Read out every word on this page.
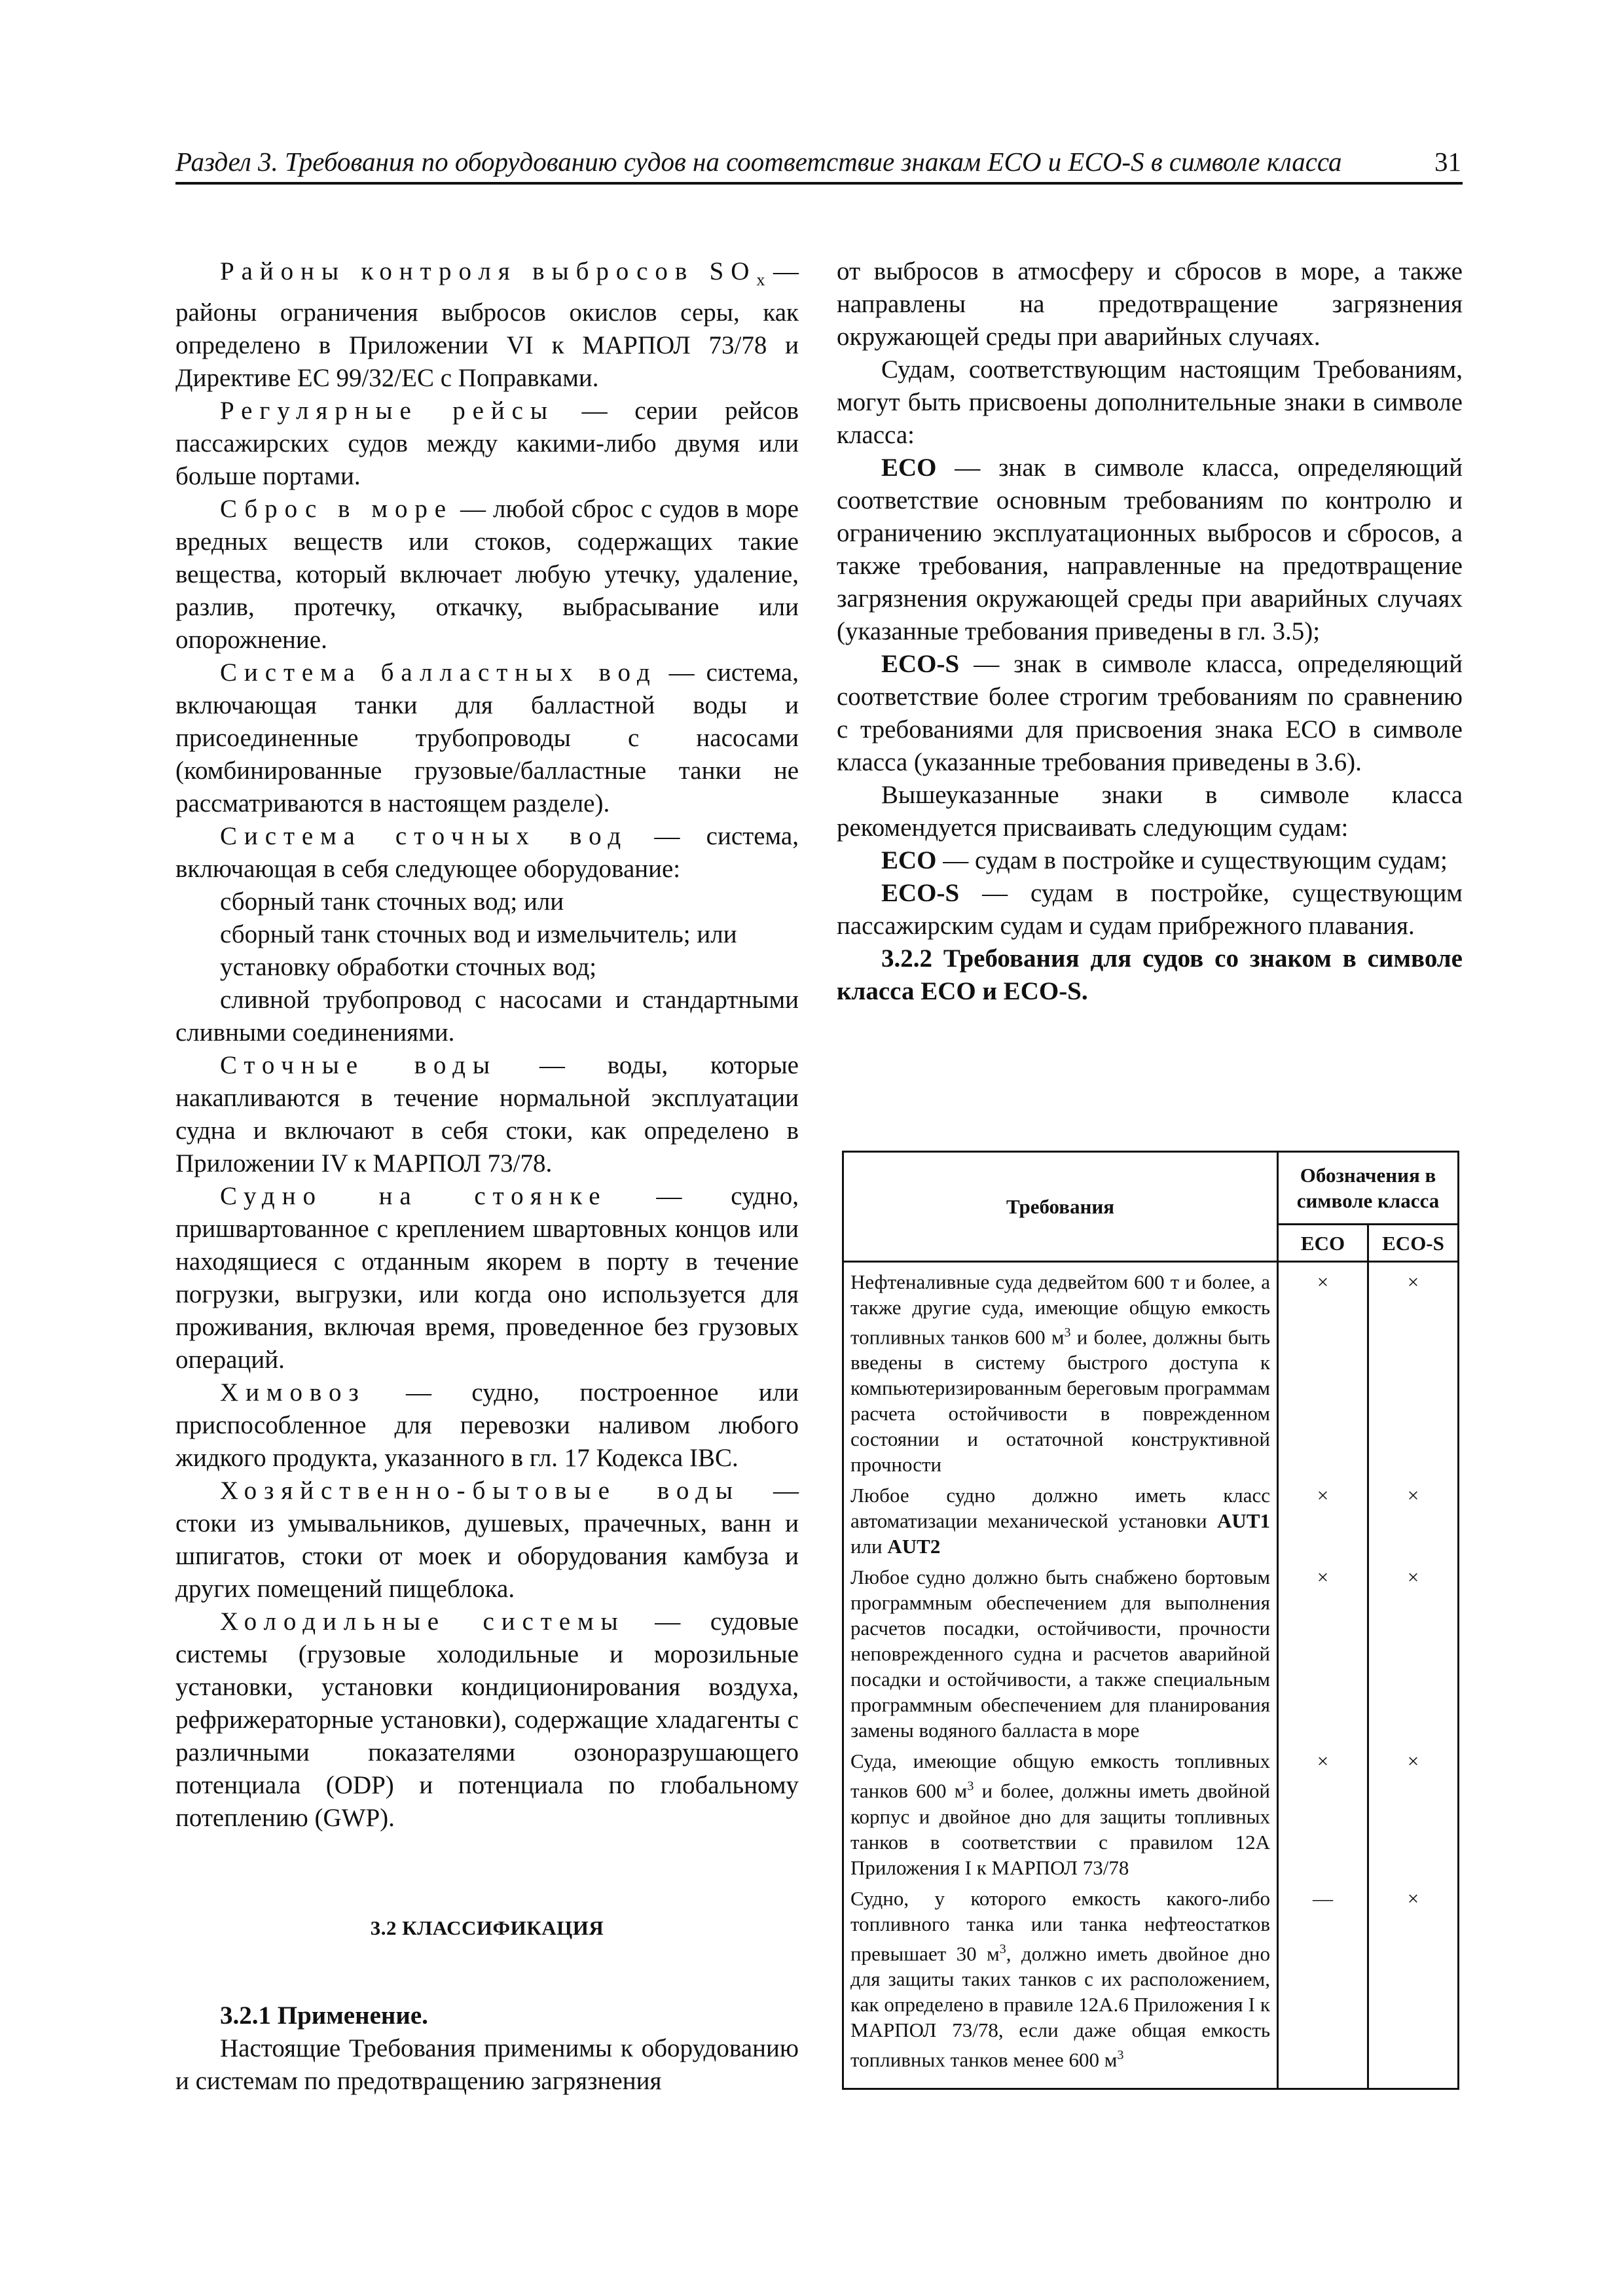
Раздел 3. Требования по оборудованию судов на соответствие знакам ECO и ECO-S в символе класса	31

Районы контроля выбросов $SO_x$ — районы ограничения выбросов окислов серы, как определено в Приложении VI к МАРПОЛ 73/78 и Директиве ЕС 99/32/ЕС с Поправками.

Регулярные рейсы — серии рейсов пассажирских судов между какими-либо двумя или больше портами.

Сброс в море — любой сброс с судов в море вредных веществ или стоков, содержащих такие вещества, который включает любую утечку, удаление, разлив, протечку, откачку, выбрасывание или опорожнение.

Система балластных вод — система, включающая танки для балластной воды и присоединенные трубопроводы с насосами (комбинированные грузовые/балластные танки не рассматриваются в настоящем разделе).

Система сточных вод — система, включающая в себя следующее оборудование:

сборный танк сточных вод; или

сборный танк сточных вод и измельчитель; или

установку обработки сточных вод;

сливной трубопровод с насосами и стандартными сливными соединениями.

Сточные воды — воды, которые накапливаются в течение нормальной эксплуатации судна и включают в себя стоки, как определено в Приложении IV к МАРПОЛ 73/78.

Судно на стоянке — судно, пришвартованное с креплением швартовных концов или находящиеся с отданным якорем в порту в течение погрузки, выгрузки, или когда оно используется для проживания, включая время, проведенное без грузовых операций.

Химовоз — судно, построенное или приспособленное для перевозки наливом любого жидкого продукта, указанного в гл. 17 Кодекса IBC.

Хозяйственно-бытовые воды — стоки из умывальников, душевых, прачечных, ванн и шпигатов, стоки от моек и оборудования камбуза и других помещений пищеблока.

Холодильные системы — судовые системы (грузовые холодильные и морозильные установки, установки кондиционирования воздуха, рефрижераторные установки), содержащие хладагенты с различными показателями озоноразрушающего потенциала (ODP) и потенциала по глобальному потеплению (GWP).

3.2 КЛАССИФИКАЦИЯ
3.2.1 Применение.

Настоящие Требования применимы к оборудованию и системам по предотвращению загрязнения

от выбросов в атмосферу и сбросов в море, а также направлены на предотвращение загрязнения окружающей среды при аварийных случаях.

Судам, соответствующим настоящим Требованиям, могут быть присвоены дополнительные знаки в символе класса:

ECO — знак в символе класса, определяющий соответствие основным требованиям по контролю и ограничению эксплуатационных выбросов и сбросов, а также требования, направленные на предотвращение загрязнения окружающей среды при аварийных случаях (указанные требования приведены в гл. 3.5);

ECO-S — знак в символе класса, определяющий соответствие более строгим требованиям по сравнению с требованиями для присвоения знака ECO в символе класса (указанные требования приведены в 3.6).

Вышеуказанные знаки в символе класса рекомендуется присваивать следующим судам:

ECO — судам в постройке и существующим судам;

ECO-S — судам в постройке, существующим пассажирским судам и судам прибрежного плавания.

3.2.2 Требования для судов со знаком в символе класса ECO и ECO-S.

Требования	Обозначения в символе класса	
	ECO	ECO-S
Нефтеналивные суда дедвейтом 600 т и более, а также другие суда, имеющие общую емкость топливных танков 600 $м^3$ и более, должны быть введены в систему быстрого доступа к компьютеризированным береговым программам расчета остойчивости в поврежденном состоянии и остаточной конструктивной прочности	×	×
Любое судно должно иметь класс автоматизации механической установки AUT1 или AUT2	×	×
Любое судно должно быть снабжено бортовым программным обеспечением для выполнения расчетов посадки, остойчивости, прочности неповрежденного судна и расчетов аварийной посадки и остойчивости, а также специальным программным обеспечением для планирования замены водяного балласта в море	×	×
Суда, имеющие общую емкость топливных танков 600 $м^3$ и более, должны иметь двойной корпус и двойное дно для защиты топливных танков в соответствии с правилом 12A Приложения I к МАРПОЛ 73/78	×	×
Судно, у которого емкость какого-либо топливного танка или танка нефтеостатков превышает 30 $м^3$, должно иметь двойное дно для защиты таких танков с их расположением, как определено в правиле 12A.6 Приложения I к МАРПОЛ 73/78, если даже общая емкость топливных танков менее 600 $м^3$	—	×
